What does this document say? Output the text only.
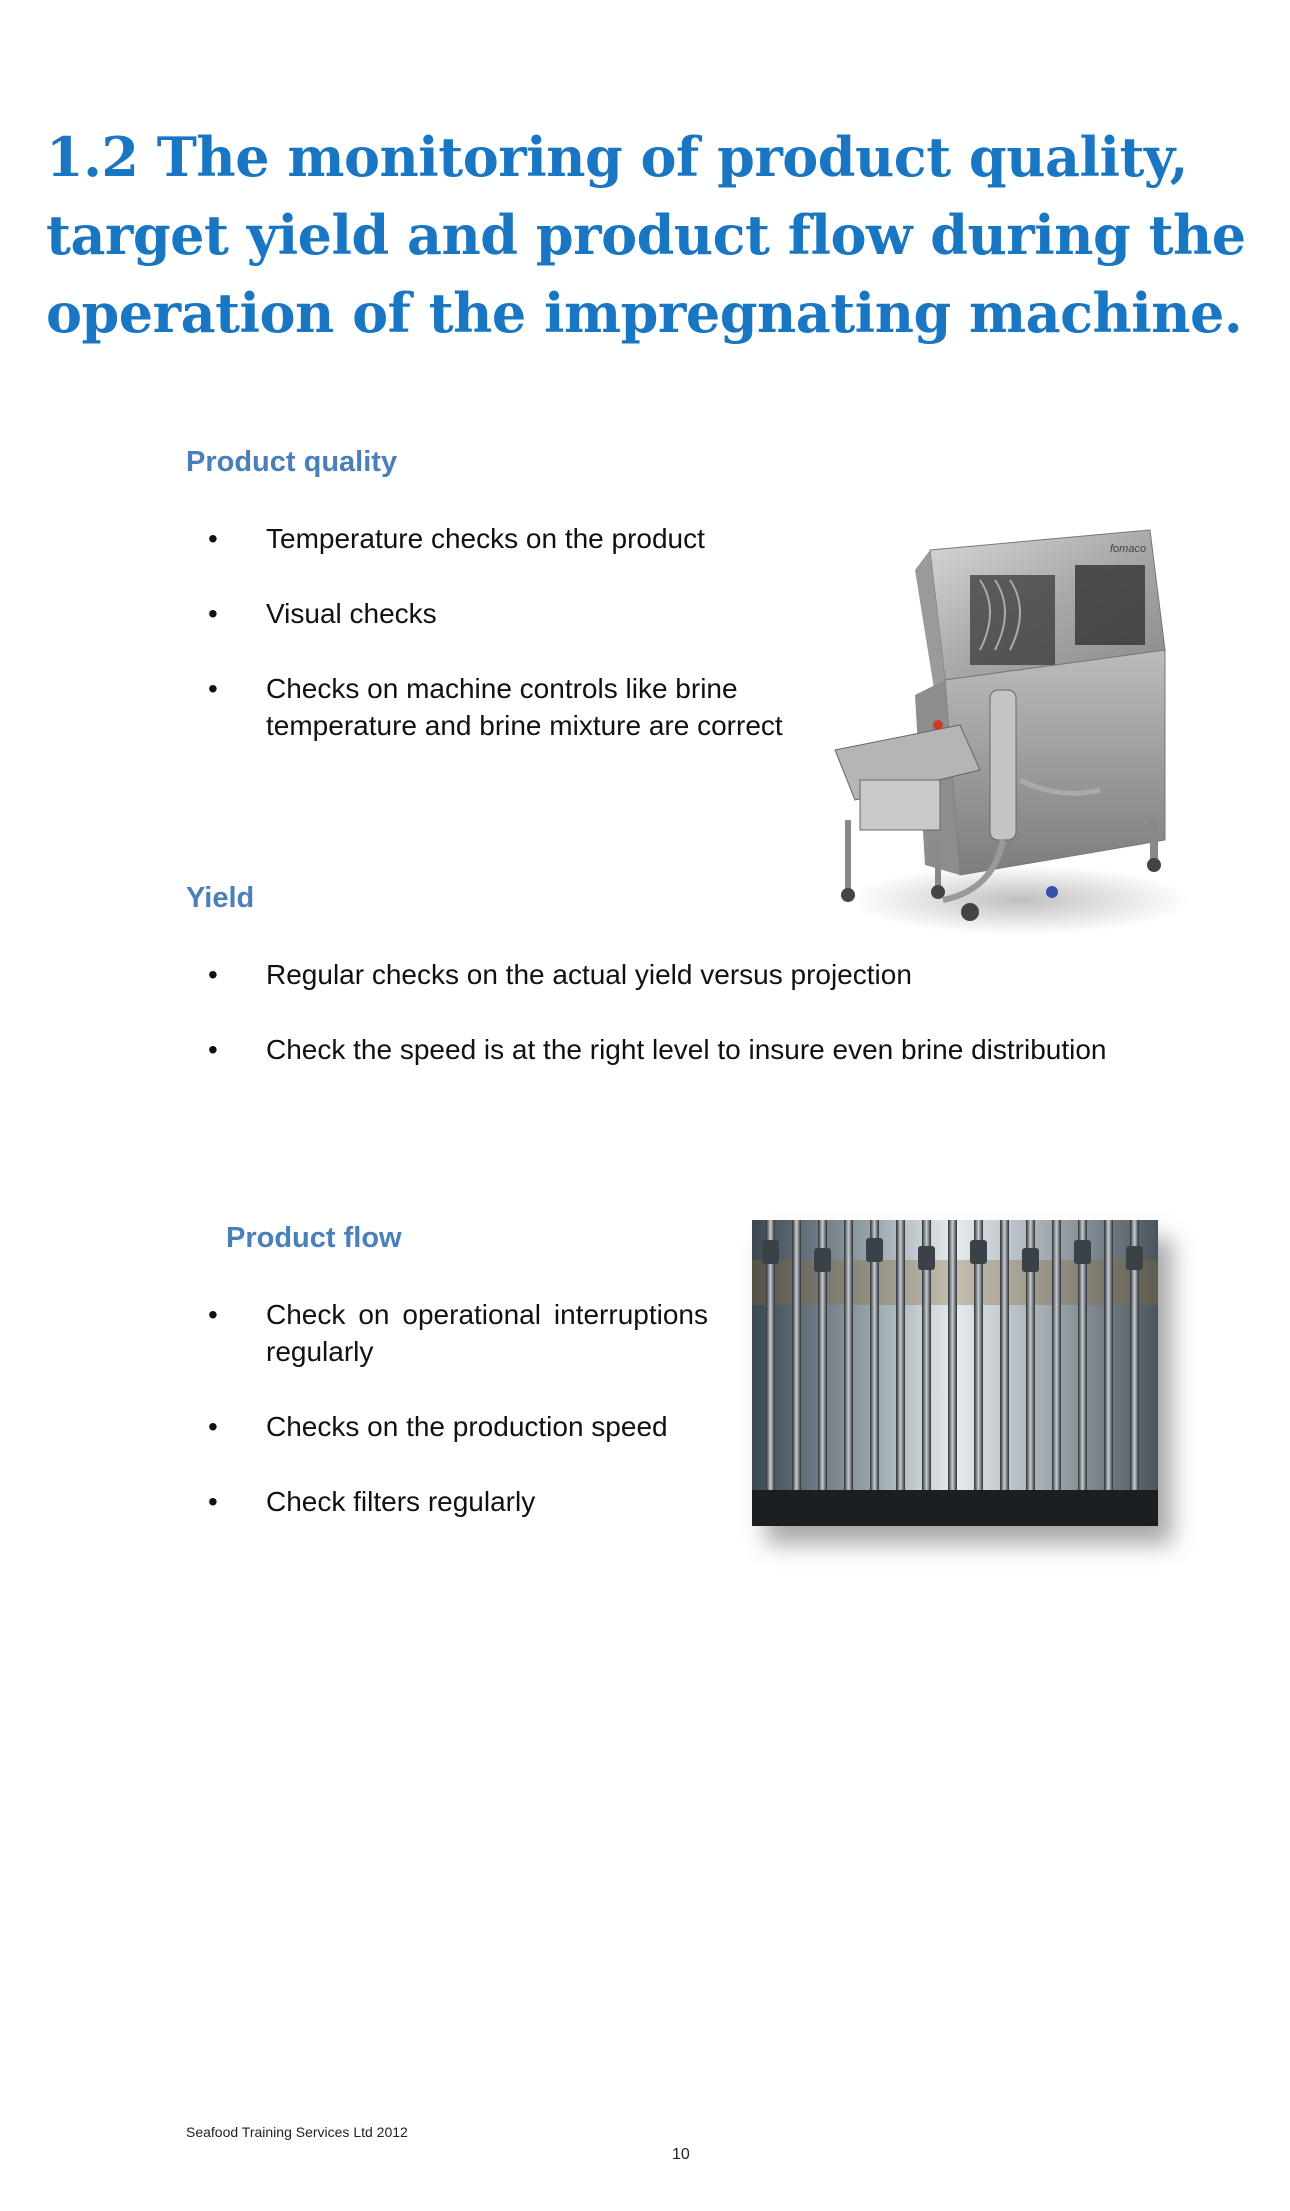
1.2 The monitoring of product quality, target yield and product flow during the operation of the impregnating machine.
Product quality
•	Temperature checks on the product
•	Visual checks
•	Checks on machine controls like brine temperature and brine mixture are correct
fomaco
Yield
•	Regular checks on the actual yield versus projection
•	Check the speed is at the right level to insure even brine distribution
Product flow
•	Check on operational interruptions regularly
•	Checks on the production speed
•	Check filters regularly
Seafood Training Services Ltd 2012
10
